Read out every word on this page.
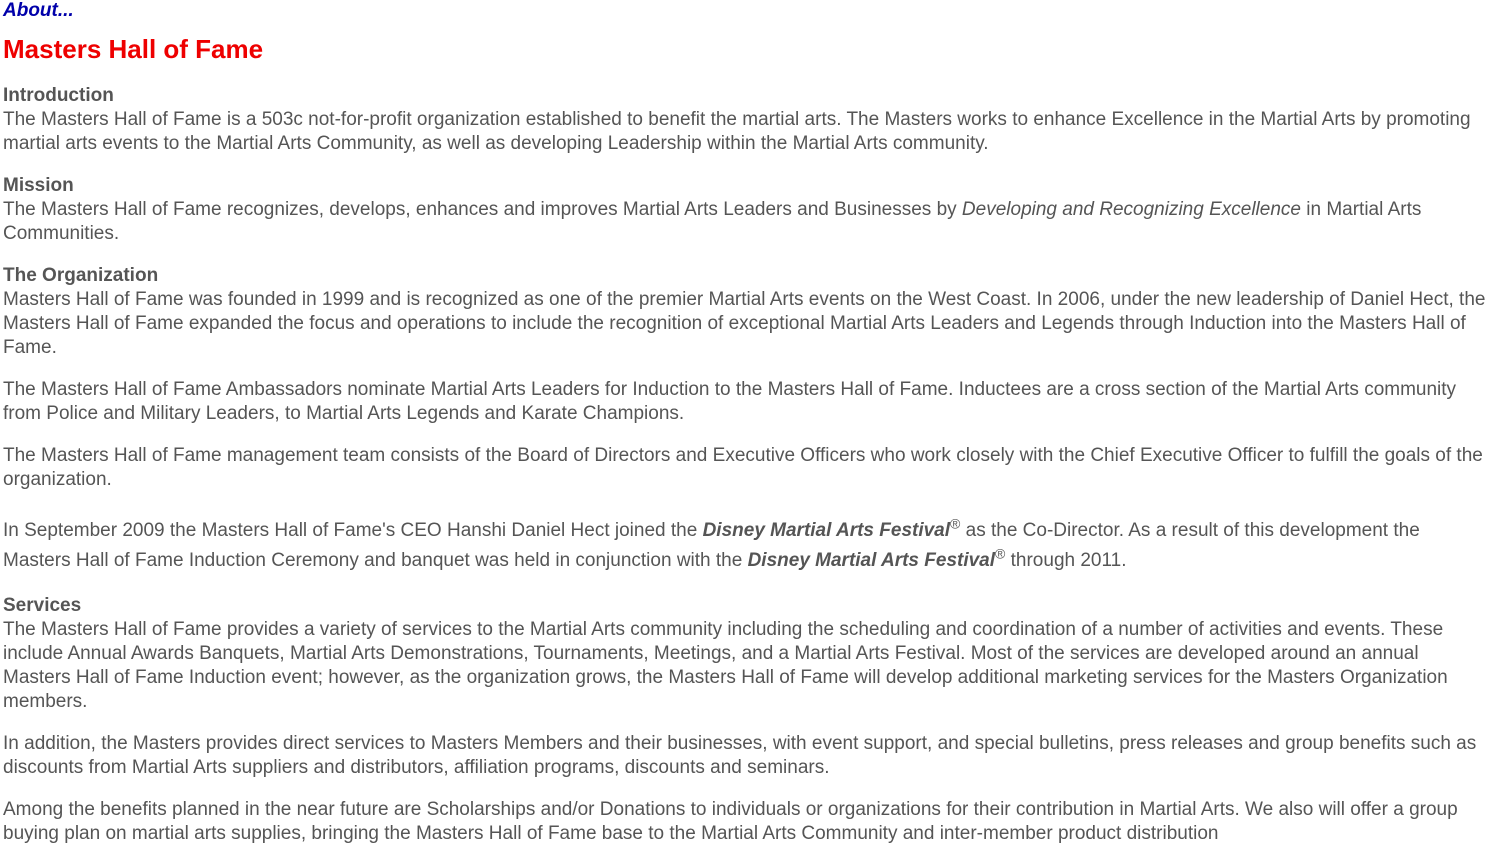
About...
Masters Hall of Fame
Introduction

The Masters Hall of Fame is a 503c not-for-profit organization established to benefit the martial arts. The Masters works to enhance Excellence in the Martial Arts by promoting martial arts events to the Martial Arts Community, as well as developing Leadership within the Martial Arts community.

Mission

The Masters Hall of Fame recognizes, develops, enhances and improves Martial Arts Leaders and Businesses by Developing and Recognizing Excellence in Martial Arts Communities.

The Organization

Masters Hall of Fame was founded in 1999 and is recognized as one of the premier Martial Arts events on the West Coast. In 2006, under the new leadership of Daniel Hect, the Masters Hall of Fame expanded the focus and operations to include the recognition of exceptional Martial Arts Leaders and Legends through Induction into the Masters Hall of Fame.

The Masters Hall of Fame Ambassadors nominate Martial Arts Leaders for Induction to the Masters Hall of Fame. Inductees are a cross section of the Martial Arts community from Police and Military Leaders, to Martial Arts Legends and Karate Champions.

The Masters Hall of Fame management team consists of the Board of Directors and Executive Officers who work closely with the Chief Executive Officer to fulfill the goals of the organization.

In September 2009 the Masters Hall of Fame's CEO Hanshi Daniel Hect joined the Disney Martial Arts Festival® as the Co-Director. As a result of this development the Masters Hall of Fame Induction Ceremony and banquet was held in conjunction with the Disney Martial Arts Festival® through 2011.

Services

The Masters Hall of Fame provides a variety of services to the Martial Arts community including the scheduling and coordination of a number of activities and events. These include Annual Awards Banquets, Martial Arts Demonstrations, Tournaments, Meetings, and a Martial Arts Festival. Most of the services are developed around an annual Masters Hall of Fame Induction event; however, as the organization grows, the Masters Hall of Fame will develop additional marketing services for the Masters Organization members.

In addition, the Masters provides direct services to Masters Members and their businesses, with event support, and special bulletins, press releases and group benefits such as discounts from Martial Arts suppliers and distributors, affiliation programs, discounts and seminars.

Among the benefits planned in the near future are Scholarships and/or Donations to individuals or organizations for their contribution in Martial Arts. We also will offer a group buying plan on martial arts supplies, bringing the Masters Hall of Fame base to the Martial Arts Community and inter-member product distribution
